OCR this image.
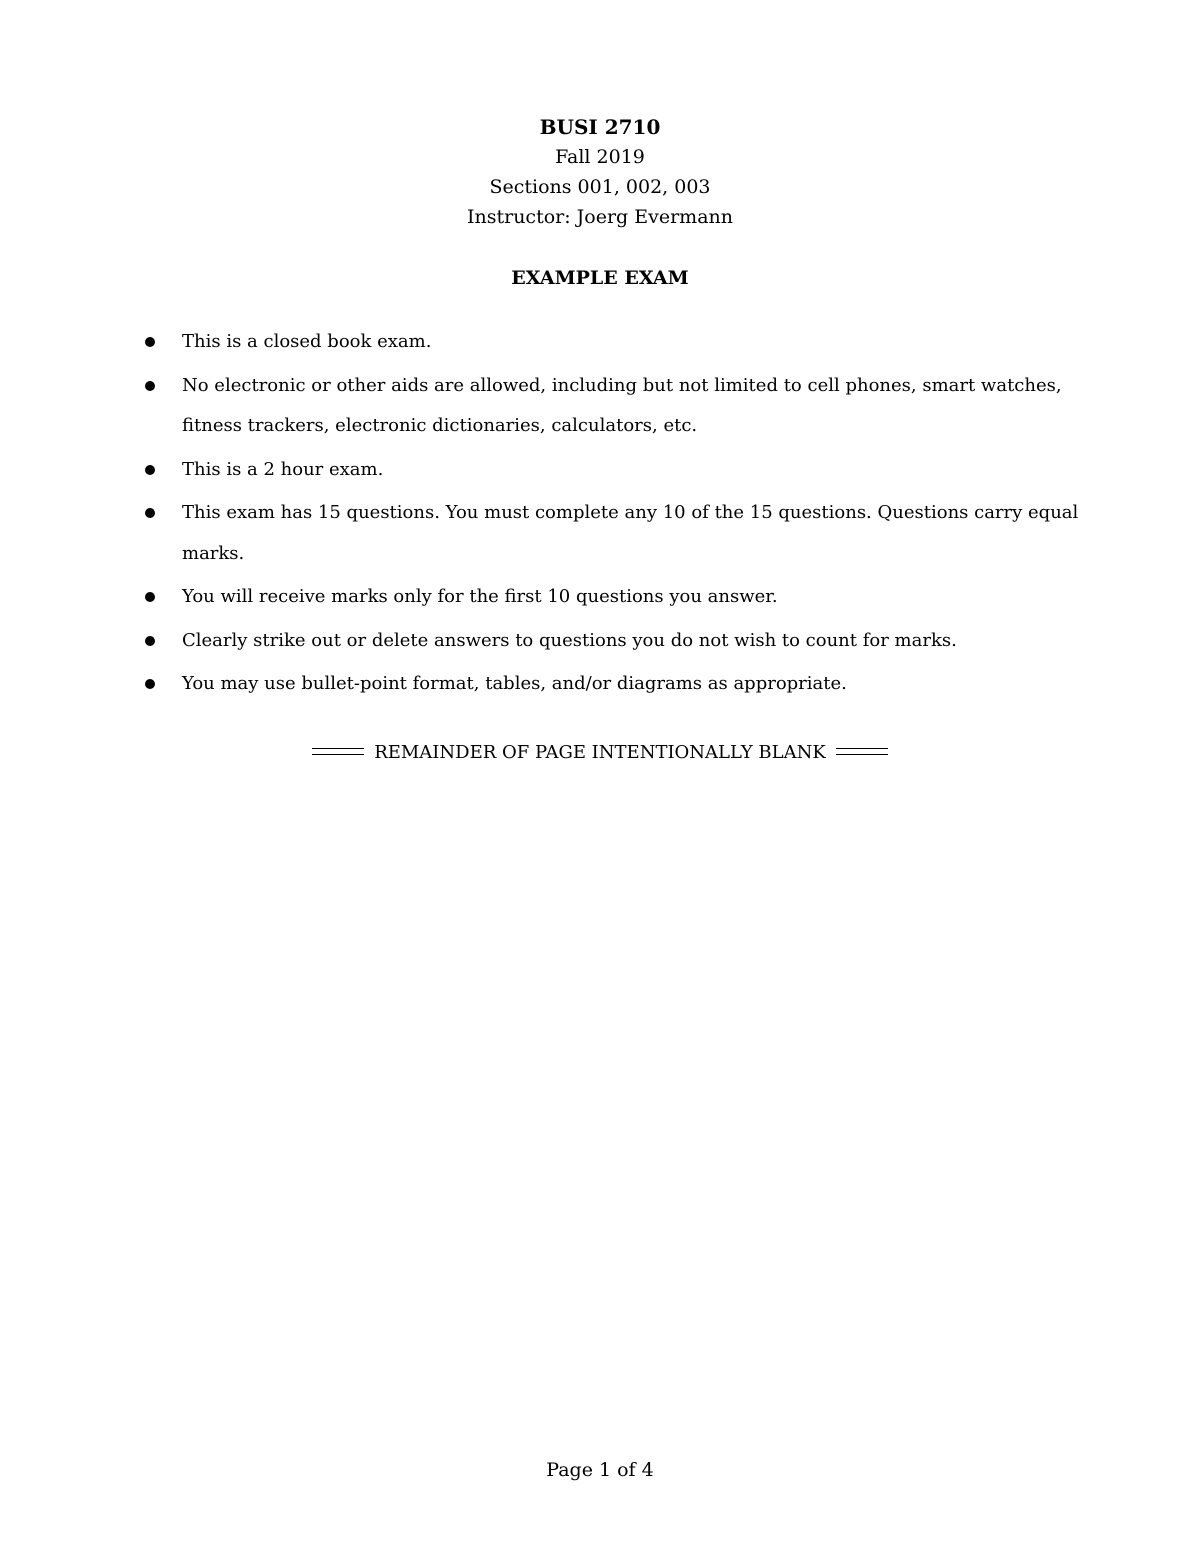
BUSI 2710

Fall 2019

Sections 001, 002, 003

Instructor: Joerg Evermann

EXAMPLE EXAM

This is a closed book exam.
No electronic or other aids are allowed, including but not limited to cell phones, smart watches, fitness trackers, electronic dictionaries, calculators, etc.
This is a 2 hour exam.
This exam has 15 questions. You must complete any 10 of the 15 questions. Questions carry equal marks.
You will receive marks only for the first 10 questions you answer.
Clearly strike out or delete answers to questions you do not wish to count for marks.
You may use bullet-point format, tables, and/or diagrams as appropriate.
REMAINDER OF PAGE INTENTIONALLY BLANK
Page 1 of 4
